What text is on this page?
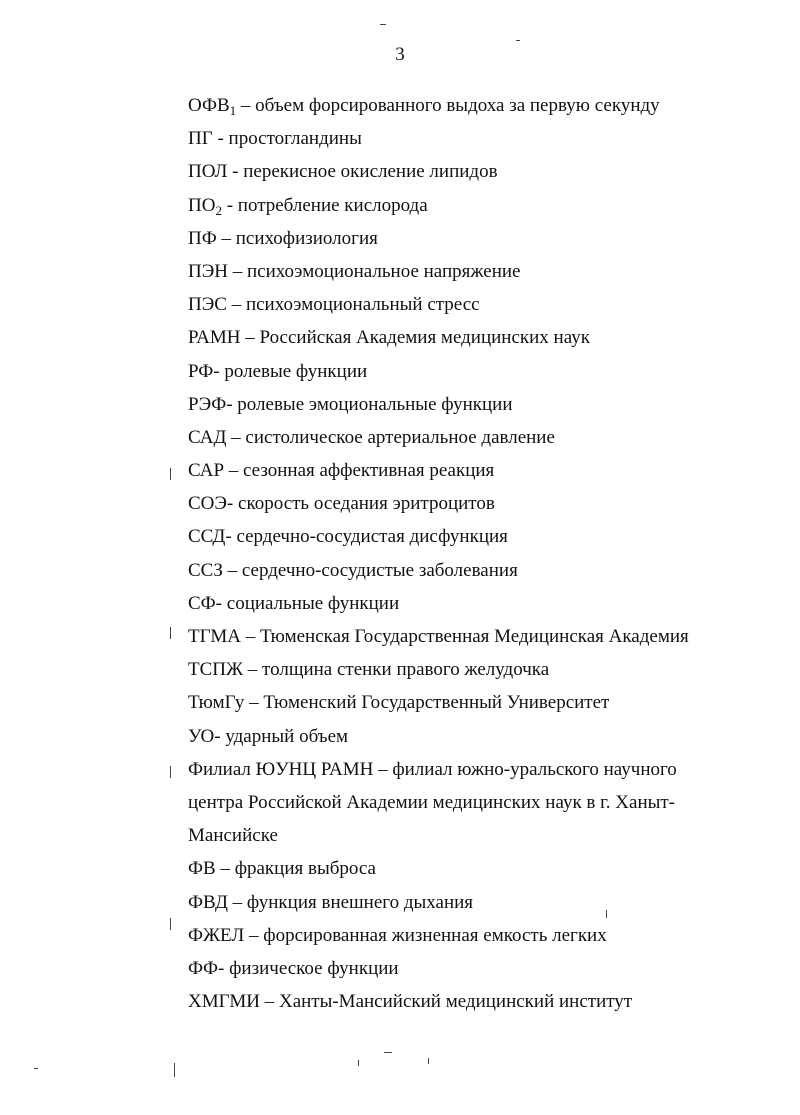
3
$ОФВ_1$ – объем форсированного выдоха за первую секунду
ПГ - простогландины
ПОЛ - перекисное окисление липидов
$ПО_2$ - потребление кислорода
ПФ – психофизиология
ПЭН – психоэмоциональное напряжение
ПЭС – психоэмоциональный стресс
РАМН – Российская Академия медицинских наук
РФ- ролевые функции
РЭФ- ролевые эмоциональные функции
САД – систолическое артериальное давление
САР – сезонная аффективная реакция
СОЭ- скорость оседания эритроцитов
ССД- сердечно-сосудистая дисфункция
ССЗ – сердечно-сосудистые заболевания
СФ- социальные функции
ТГМА – Тюменская Государственная Медицинская Академия
ТСПЖ – толщина стенки правого желудочка
ТюмГу – Тюменский Государственный Университет
УО- ударный объем
Филиал ЮУНЦ РАМН – филиал южно-уральского научного
центра Российской Академии медицинских наук в г. Ханыт-
Мансийске
ФВ – фракция выброса
ФВД – функция внешнего дыхания
ФЖЕЛ – форсированная жизненная емкость легких
ФФ- физическое функции
ХМГМИ – Ханты-Мансийский медицинский институт
